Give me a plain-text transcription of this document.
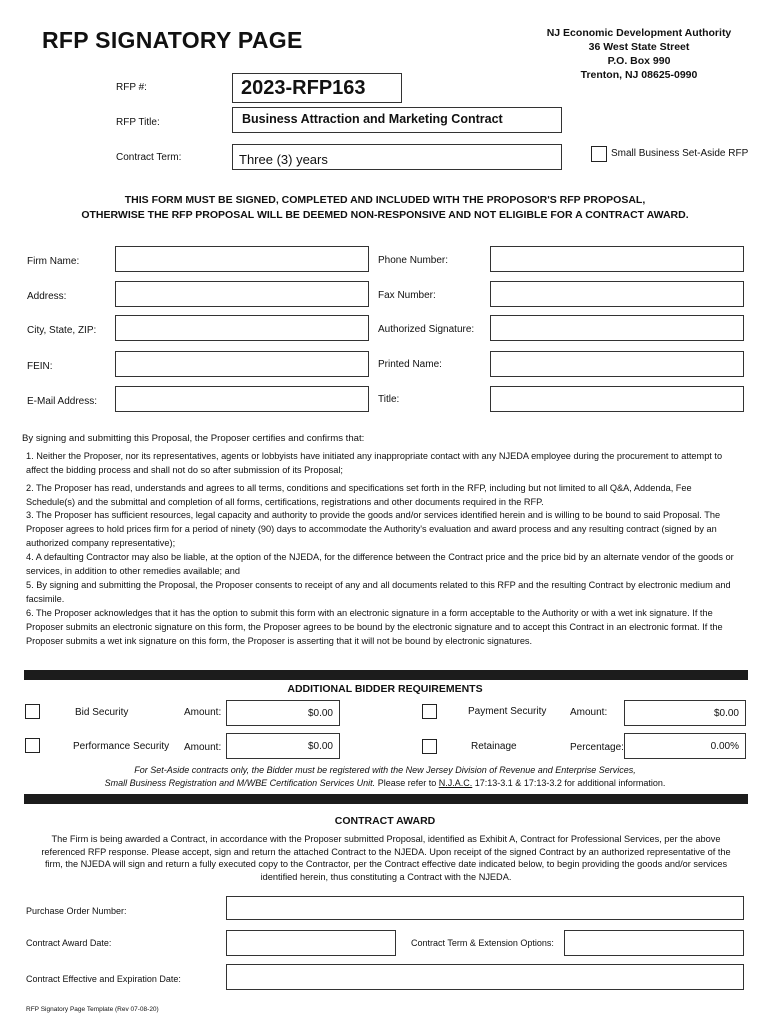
RFP SIGNATORY PAGE	NJ Economic Development Authority
36 West State Street
P.O. Box 990
Trenton, NJ 08625-0990
RFP #:	2023-RFP163
RFP Title:	Business Attraction and Marketing Contract
Contract Term:	Three (3) years	Small Business Set-Aside RFP
THIS FORM MUST BE SIGNED, COMPLETED AND INCLUDED WITH THE PROPOSOR'S RFP PROPOSAL,
OTHERWISE THE RFP PROPOSAL WILL BE DEEMED NON-RESPONSIVE AND NOT ELIGIBLE FOR A CONTRACT AWARD.
Firm Name:
Address:
City, State, ZIP:
FEIN:
E-Mail Address:
Phone Number:
Fax Number:
Authorized Signature:
Printed Name:
Title:
By signing and submitting this Proposal, the Proposer certifies and confirms that:
1. Neither the Proposer, nor its representatives, agents or lobbyists have initiated any inappropriate contact with any NJEDA employee during the procurement to attempt to affect the bidding process and shall not do so after submission of its Proposal;
2. The Proposer has read, understands and agrees to all terms, conditions and specifications set forth in the RFP, including but not limited to all Q&A, Addenda, Fee Schedule(s) and the submittal and completion of all forms, certifications, registrations and other documents required in the RFP.
3. The Proposer has sufficient resources, legal capacity and authority to provide the goods and/or services identified herein and is willing to be bound to said Proposal. The Proposer agrees to hold prices firm for a period of ninety (90) days to accommodate the Authority's evaluation and award process and any resulting contract (signed by an authorized company representative);
4. A defaulting Contractor may also be liable, at the option of the NJEDA, for the difference between the Contract price and the price bid by an alternate vendor of the goods or services, in addition to other remedies available; and
5. By signing and submitting the Proposal, the Proposer consents to receipt of any and all documents related to this RFP and the resulting Contract by electronic medium and facsimile.
6. The Proposer acknowledges that it has the option to submit this form with an electronic signature in a form acceptable to the Authority or with a wet ink signature. If the Proposer submits an electronic signature on this form, the Proposer agrees to be bound by the electronic signature and to accept this Contract in an electronic format. If the Proposer submits a wet ink signature on this form, the Proposer is asserting that it will not be bound by electronic signatures.
ADDITIONAL BIDDER REQUIREMENTS
Bid Security	Amount:	$0.00	Payment Security Amount:	$0.00
Performance Security Amount:	$0.00	Retainage	Percentage:	0.00%
For Set-Aside contracts only, the Bidder must be registered with the New Jersey Division of Revenue and Enterprise Services,
Small Business Registration and M/WBE Certification Services Unit. Please refer to N.J.A.C. 17:13-3.1 & 17:13-3.2 for additional information.
CONTRACT AWARD
The Firm is being awarded a Contract, in accordance with the Proposer submitted Proposal, identified as Exhibit A, Contract for Professional Services, per the above referenced RFP response. Please accept, sign and return the attached Contract to the NJEDA. Upon receipt of the signed Contract by an authorized representative of the firm, the NJEDA will sign and return a fully executed copy to the Contractor, per the Contract effective date indicated below, to begin providing the goods and/or services identified herein, thus constituting a Contract with the NJEDA.
Purchase Order Number:
Contract Award Date:	Contract Term & Extension Options:
Contract Effective and Expiration Date:
RFP Signatory Page Template (Rev 07-08-20)
